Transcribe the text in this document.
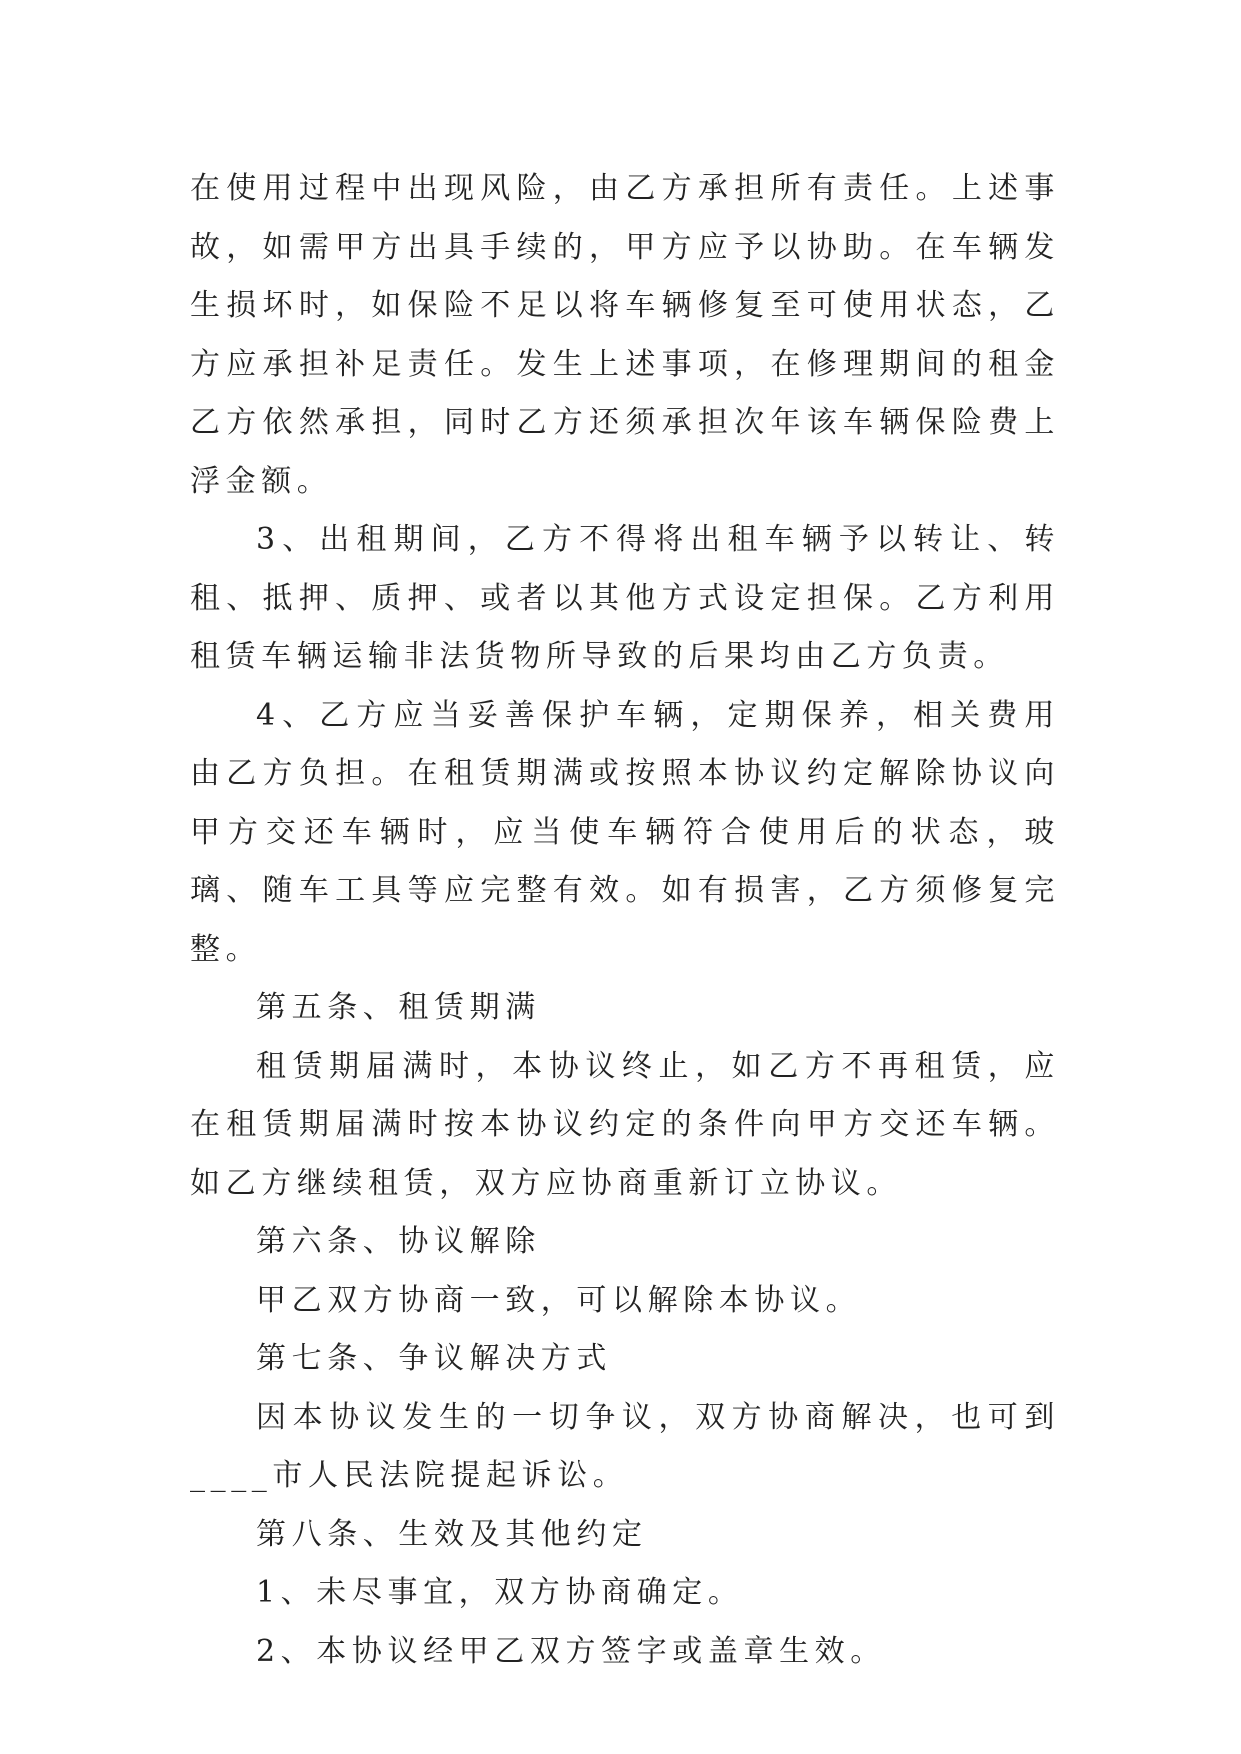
在使用过程中出现风险，由乙方承担所有责任。上述事故，如需甲方出具手续的，甲方应予以协助。在车辆发生损坏时，如保险不足以将车辆修复至可使用状态，乙方应承担补足责任。发生上述事项，在修理期间的租金乙方依然承担，同时乙方还须承担次年该车辆保险费上浮金额。

3、出租期间，乙方不得将出租车辆予以转让、转租、抵押、质押、或者以其他方式设定担保。乙方利用租赁车辆运输非法货物所导致的后果均由乙方负责。

4、乙方应当妥善保护车辆，定期保养，相关费用由乙方负担。在租赁期满或按照本协议约定解除协议向甲方交还车辆时，应当使车辆符合使用后的状态，玻璃、随车工具等应完整有效。如有损害，乙方须修复完整。

第五条、租赁期满

租赁期届满时，本协议终止，如乙方不再租赁，应在租赁期届满时按本协议约定的条件向甲方交还车辆。如乙方继续租赁，双方应协商重新订立协议。

第六条、协议解除

甲乙双方协商一致，可以解除本协议。

第七条、争议解决方式

因本协议发生的一切争议，双方协商解决，也可到____市人民法院提起诉讼。

第八条、生效及其他约定

1、未尽事宜，双方协商确定。

2、本协议经甲乙双方签字或盖章生效。
